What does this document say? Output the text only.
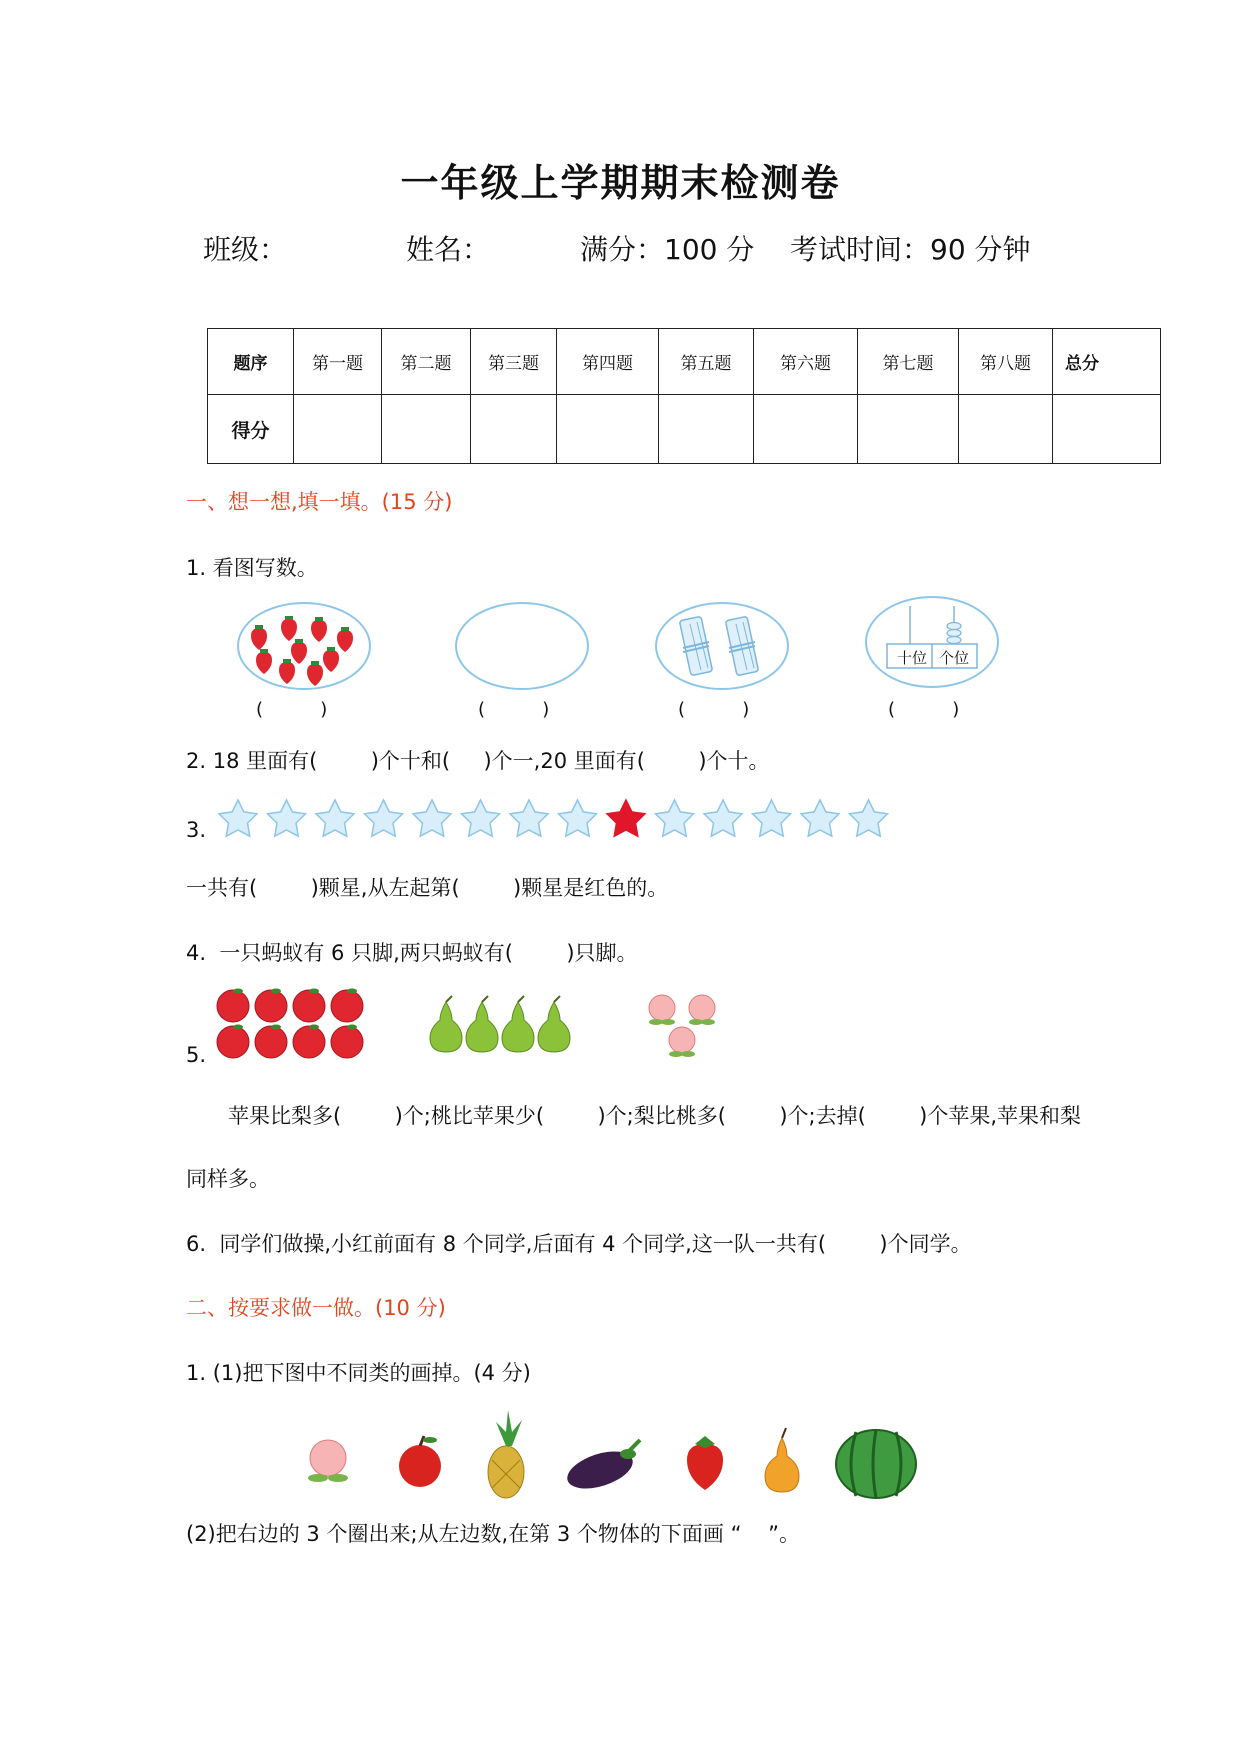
一年级上学期期末检测卷
班级：	姓名：	满分：100 分 考试时间：90 分钟
题序	第一题	第二题	第三题	第四题	第五题	第六题	第七题	第八题	总分
得分									
一、想一想,填一填。(15 分)
1. 看图写数。
十位 个位
(          )	(          )	(          )	(          )
2. 18 里面有(        )个十和(     )个一,20 里面有(        )个十。
3.
一共有(        )颗星,从左起第(        )颗星是红色的。
4.  一只蚂蚁有 6 只脚,两只蚂蚁有(        )只脚。
5.
苹果比梨多(        )个;桃比苹果少(        )个;梨比桃多(        )个;去掉(        )个苹果,苹果和梨
同样多。
6.  同学们做操,小红前面有 8 个同学,后面有 4 个同学,这一队一共有(        )个同学。
二、按要求做一做。(10 分)
1. (1)把下图中不同类的画掉。(4 分)
(2)把右边的 3 个圈出来;从左边数,在第 3 个物体的下面画 “    ”。
